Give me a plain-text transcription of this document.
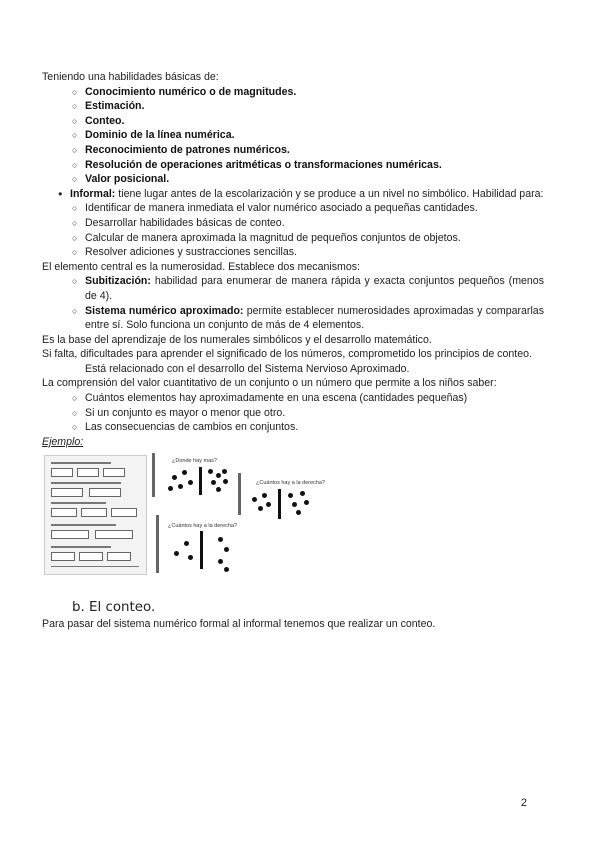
Teniendo una habilidades básicas de:

○ Conocimiento numérico o de magnitudes.
○ Estimación.
○ Conteo.
○ Dominio de la línea numérica.
○ Reconocimiento de patrones numéricos.
○ Resolución de operaciones aritméticas o transformaciones numéricas.
○ Valor posicional.
● Informal: tiene lugar antes de la escolarización y se produce a un nivel no simbólico. Habilidad para:
○ Identificar de manera inmediata el valor numérico asociado a pequeñas cantidades.
○ Desarrollar habilidades básicas de conteo.
○ Calcular de manera aproximada la magnitud de pequeños conjuntos de objetos.
○ Resolver adiciones y sustracciones sencillas.

El elemento central es la numerosidad. Establece dos mecanismos:

○ Subitización: habilidad para enumerar de manera rápida y exacta conjuntos pequeños (menos de 4).
○ Sistema numérico aproximado: permite establecer numerosidades aproximadas y compararlas entre sí. Solo funciona un conjunto de más de 4 elementos.

Es la base del aprendizaje de los numerales simbólicos y el desarrollo matemático.

Si falta, dificultades para aprender el significado de los números, comprometido los principios de conteo.

Está relacionado con el desarrollo del Sistema Nervioso Aproximado.

La comprensión del valor cuantitativo de un conjunto o un número que permite a los niños saber:

○ Cuántos elementos hay aproximadamente en una escena (cantidades pequeñas)
○ Si un conjunto es mayor o menor que otro.
○ Las consecuencias de cambios en conjuntos.

Ejemplo:

¿Donde hay mas?
¿Cuántos hay a la derecha?
¿Cuántos hay a la derecha?
b. El conteo.

Para pasar del sistema numérico formal al informal tenemos que realizar un conteo.

2
